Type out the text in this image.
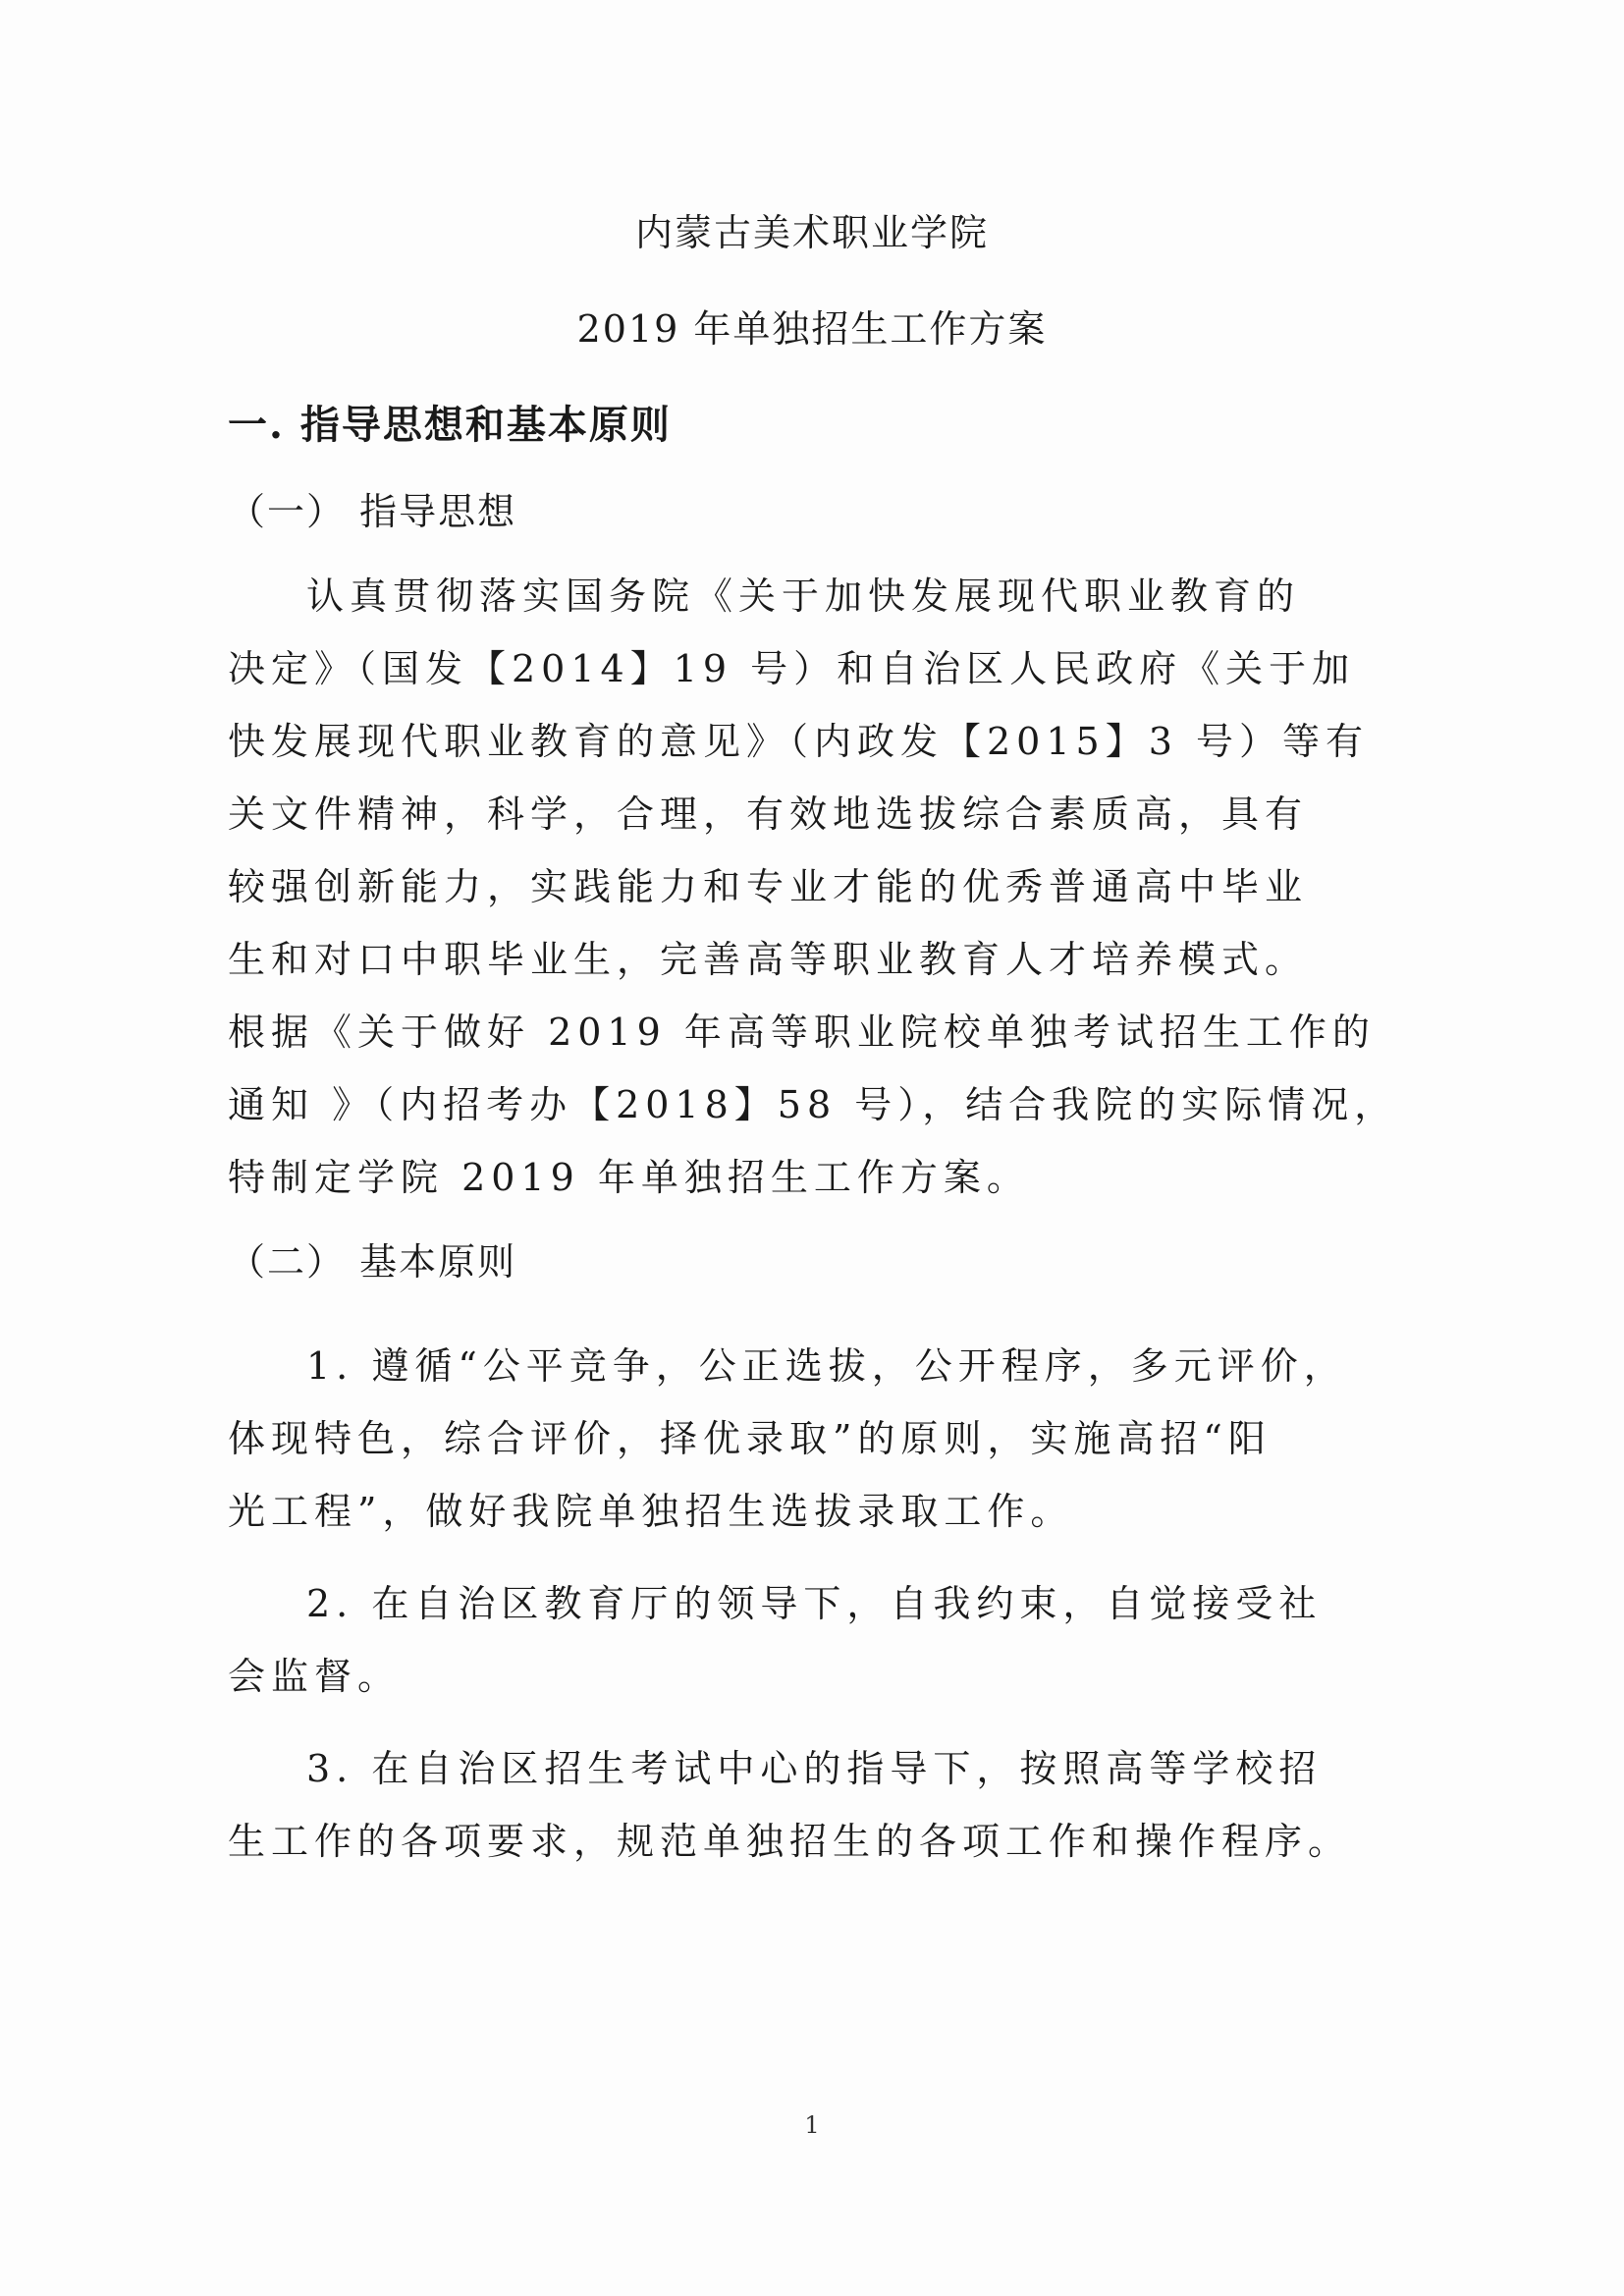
内蒙古美术职业学院
2019 年单独招生工作方案
一. 指导思想和基本原则
（一） 指导思想
认真贯彻落实国务院《关于加快发展现代职业教育的
决定》（国发【2014】19 号）和自治区人民政府《关于加
快发展现代职业教育的意见》（内政发【2015】3 号）等有
关文件精神，科学，合理，有效地选拔综合素质高，具有
较强创新能力，实践能力和专业才能的优秀普通高中毕业
生和对口中职毕业生，完善高等职业教育人才培养模式。
根据《关于做好 2019 年高等职业院校单独考试招生工作的
通知 》（内招考办【2018】58 号），结合我院的实际情况，
特制定学院 2019 年单独招生工作方案。
（二） 基本原则
1. 遵循“公平竞争，公正选拔，公开程序，多元评价，
体现特色，综合评价，择优录取”的原则，实施高招“阳
光工程”，做好我院单独招生选拔录取工作。
2. 在自治区教育厅的领导下，自我约束，自觉接受社
会监督。
3. 在自治区招生考试中心的指导下，按照高等学校招
生工作的各项要求，规范单独招生的各项工作和操作程序。
1
